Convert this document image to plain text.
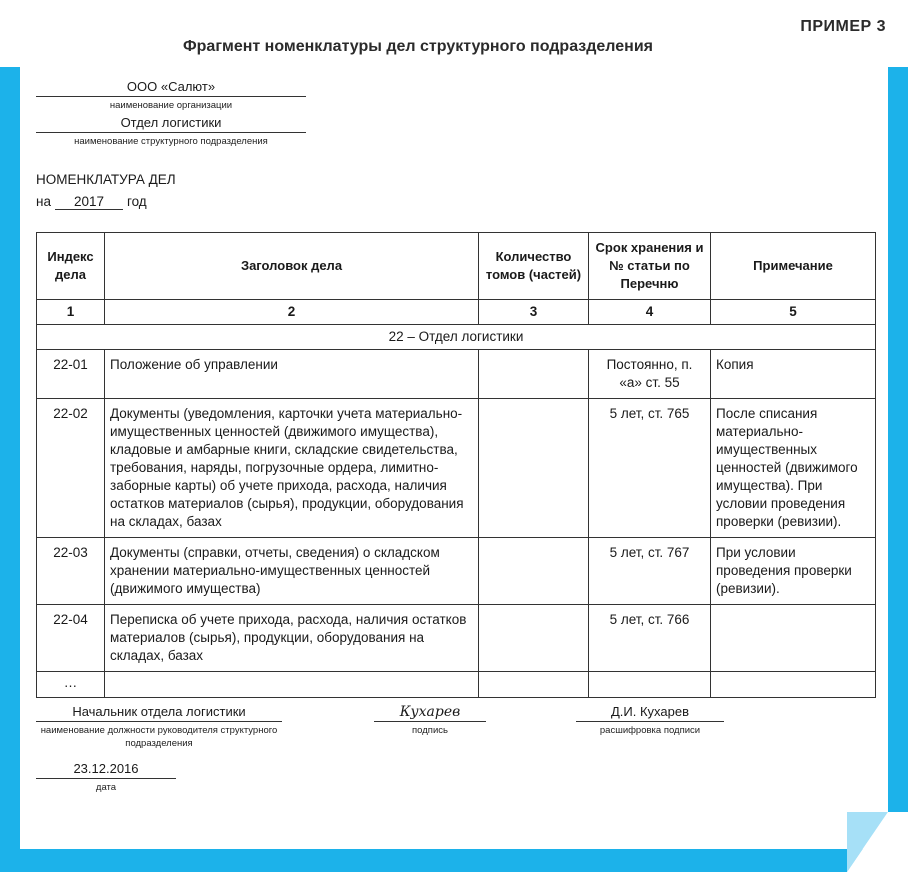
ПРИМЕР 3
Фрагмент номенклатуры дел структурного подразделения
ООО «Салют»
наименование организации
Отдел логистики
наименование структурного подразделения
НОМЕНКЛАТУРА ДЕЛ
на 2017 год
Индекс дела	Заголовок дела	Количество томов (частей)	Срок хранения и № статьи по Перечню	Примечание
1	2	3	4	5
22 – Отдел логистики				
22-01	Положение об управлении		Постоянно, п. «а» ст. 55	Копия
22-02	Документы (уведомления, карточки учета материально-имущественных ценностей (движимого имущества), кладовые и амбарные книги, складские свидетельства, требования, наряды, погрузочные ордера, лимитно-заборные карты) об учете прихода, расхода, наличия остатков материалов (сырья), продукции, оборудования на складах, базах		5 лет, ст. 765	После списания материально-имущественных ценностей (движимого имущества). При условии проведения проверки (ревизии).
22-03	Документы (справки, отчеты, сведения) о складском хранении материально-имущественных ценностей (движимого имущества)		5 лет, ст. 767	При условии проведения проверки (ревизии).
22-04	Переписка об учете прихода, расхода, наличия остатков материалов (сырья), продукции, оборудования на складах, базах		5 лет, ст. 766	
…				
Начальник отдела логистики
наименование должности руководителя структурного подразделения
Кухарев
подпись
Д.И. Кухарев
расшифровка подписи
23.12.2016
дата
